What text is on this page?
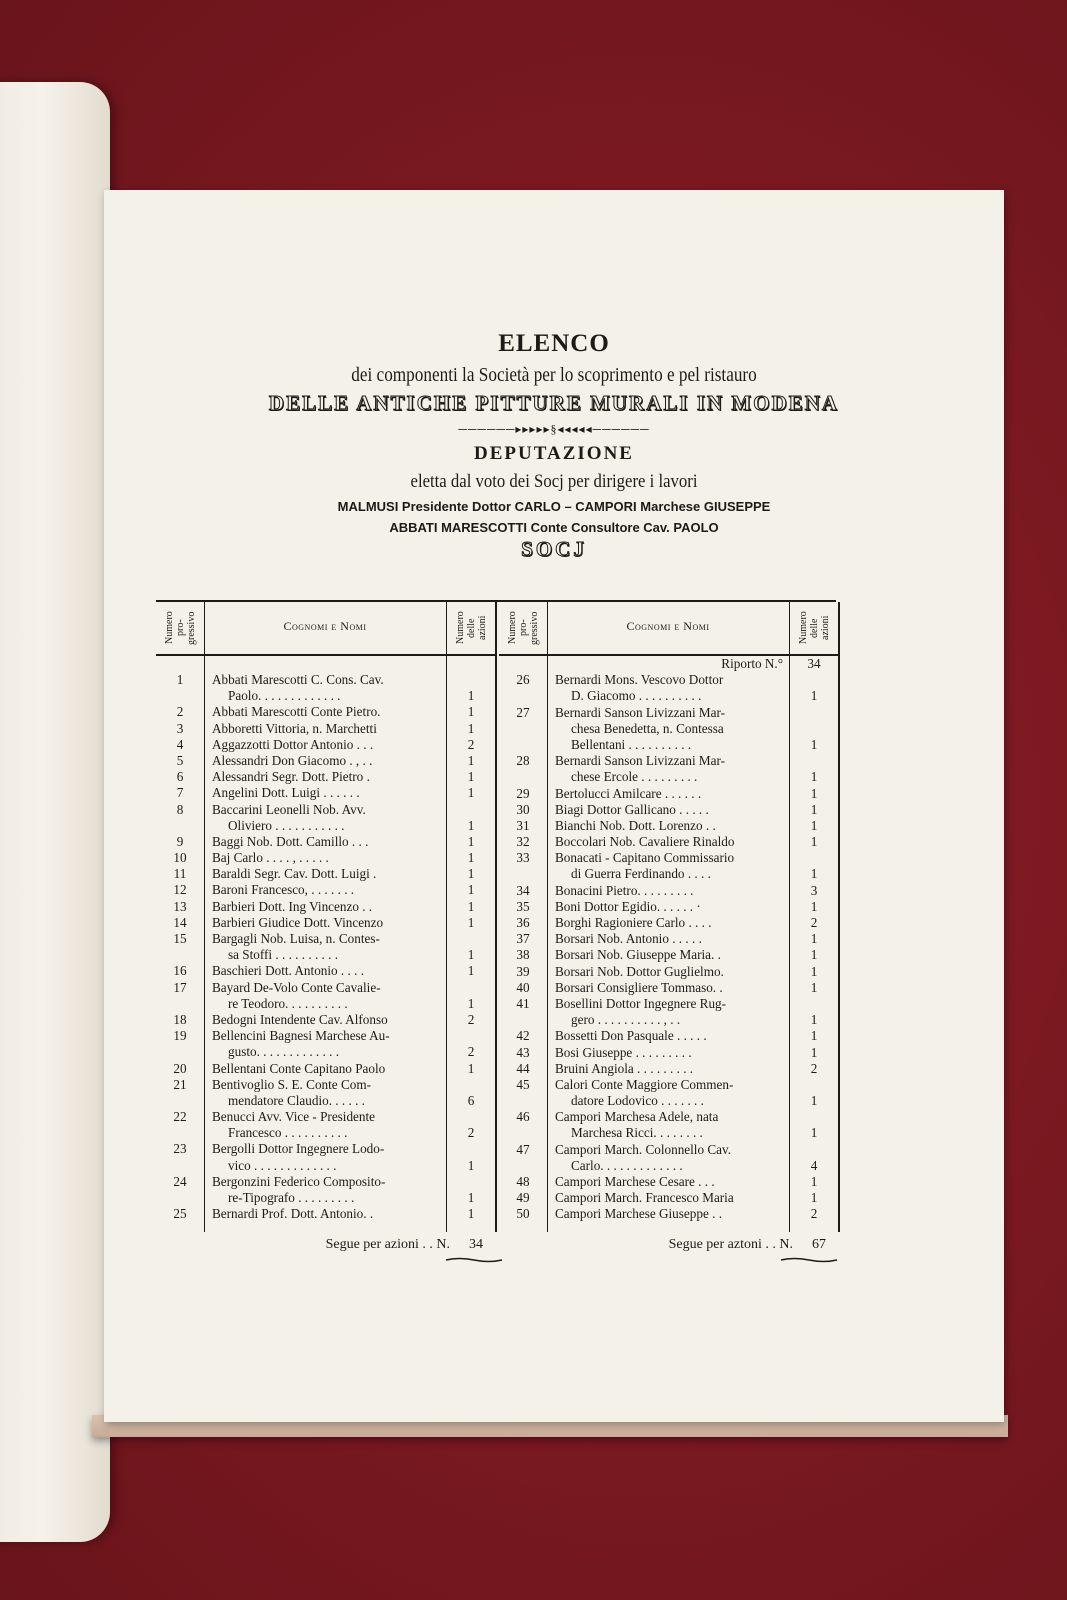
ELENCO
dei componenti la Società per lo scoprimento e pel ristauro
DELLE ANTICHE PITTURE MURALI IN MODENA
──────▸▸▸▸▸§◂◂◂◂◂──────
DEPUTAZIONE
eletta dal voto dei Socj per dirigere i lavori
MALMUSI Presidente Dottor CARLO – CAMPORI Marchese GIUSEPPE
ABBATI MARESCOTTI Conte Consultore Cav. PAOLO
SOCJ
Numero pro- gressivo	Cognomi e Nomi	Numero delle azioni
1	Abbati Marescotti C. Cons. Cav.
Paolo. . . . . . . . . . . . .	1
2	Abbati Marescotti Conte Pietro.	1
3	Abboretti Vittoria, n. Marchetti	1
4	Aggazzotti Dottor Antonio . . .	2
5	Alessandri Don Giacomo . , . .	1
6	Alessandri Segr. Dott. Pietro .	1
7	Angelini Dott. Luigi . . . . . .	1
8	Baccarini Leonelli Nob. Avv.
Oliviero . . . . . . . . . . .	1
9	Baggi Nob. Dott. Camillo . . .	1
10	Baj Carlo . . . . , . . . . .	1
11	Baraldi Segr. Cav. Dott. Luigi .	1
12	Baroni Francesco, . . . . . . .	1
13	Barbieri Dott. Ing Vincenzo . .	1
14	Barbieri Giudice Dott. Vincenzo	1
15	Bargagli Nob. Luisa, n. Contes-
sa Stoffi . . . . . . . . . .	1
16	Baschieri Dott. Antonio . . . .	1
17	Bayard De-Volo Conte Cavalie-
re Teodoro. . . . . . . . . .	1
18	Bedogni Intendente Cav. Alfonso	2
19	Bellencini Bagnesi Marchese Au-
gusto. . . . . . . . . . . . .	2
20	Bellentani Conte Capitano Paolo	1
21	Bentivoglio S. E. Conte Com-
mendatore Claudio. . . . . .	6
22	Benucci Avv. Vice - Presidente
Francesco . . . . . . . . . .	2
23	Bergolli Dottor Ingegnere Lodo-
vico . . . . . . . . . . . . .	1
24	Bergonzini Federico Composito-
re-Tipografo . . . . . . . . .	1
25	Bernardi Prof. Dott. Antonio. .	1
Segue per azioni . . N. 34
Numero pro- gressivo	Cognomi e Nomi	Numero delle azioni
Riporto N.°	34
26	Bernardi Mons. Vescovo Dottor
D. Giacomo . . . . . . . . . .	1
27	Bernardi Sanson Livizzani Mar-
chesa Benedetta, n. Contessa
Bellentani . . . . . . . . . .	1
28	Bernardi Sanson Livizzani Mar-
chese Ercole . . . . . . . . .	1
29	Bertolucci Amilcare . . . . . .	1
30	Biagi Dottor Gallicano . . . . .	1
31	Bianchi Nob. Dott. Lorenzo . .	1
32	Boccolari Nob. Cavaliere Rinaldo	1
33	Bonacati - Capitano Commissario
di Guerra Ferdinando . . . .	1
34	Bonacini Pietro. . . . . . . . .	3
35	Boni Dottor Egidio. . . . . . ·	1
36	Borghi Ragioniere Carlo . . . .	2
37	Borsari Nob. Antonio . . . . .	1
38	Borsari Nob. Giuseppe Maria. .	1
39	Borsari Nob. Dottor Guglielmo.	1
40	Borsari Consigliere Tommaso. .	1
41	Bosellini Dottor Ingegnere Rug-
gero . . . . . . . . . . , . .	1
42	Bossetti Don Pasquale . . . . .	1
43	Bosi Giuseppe . . . . . . . . .	1
44	Bruini Angiola . . . . . . . . .	2
45	Calori Conte Maggiore Commen-
datore Lodovico . . . . . . .	1
46	Campori Marchesa Adele, nata
Marchesa Ricci. . . . . . . .	1
47	Campori March. Colonnello Cav.
Carlo. . . . . . . . . . . . .	4
48	Campori Marchese Cesare . . .	1
49	Campori March. Francesco Maria	1
50	Campori Marchese Giuseppe . .	2
Segue per aztoni . . N. 67
